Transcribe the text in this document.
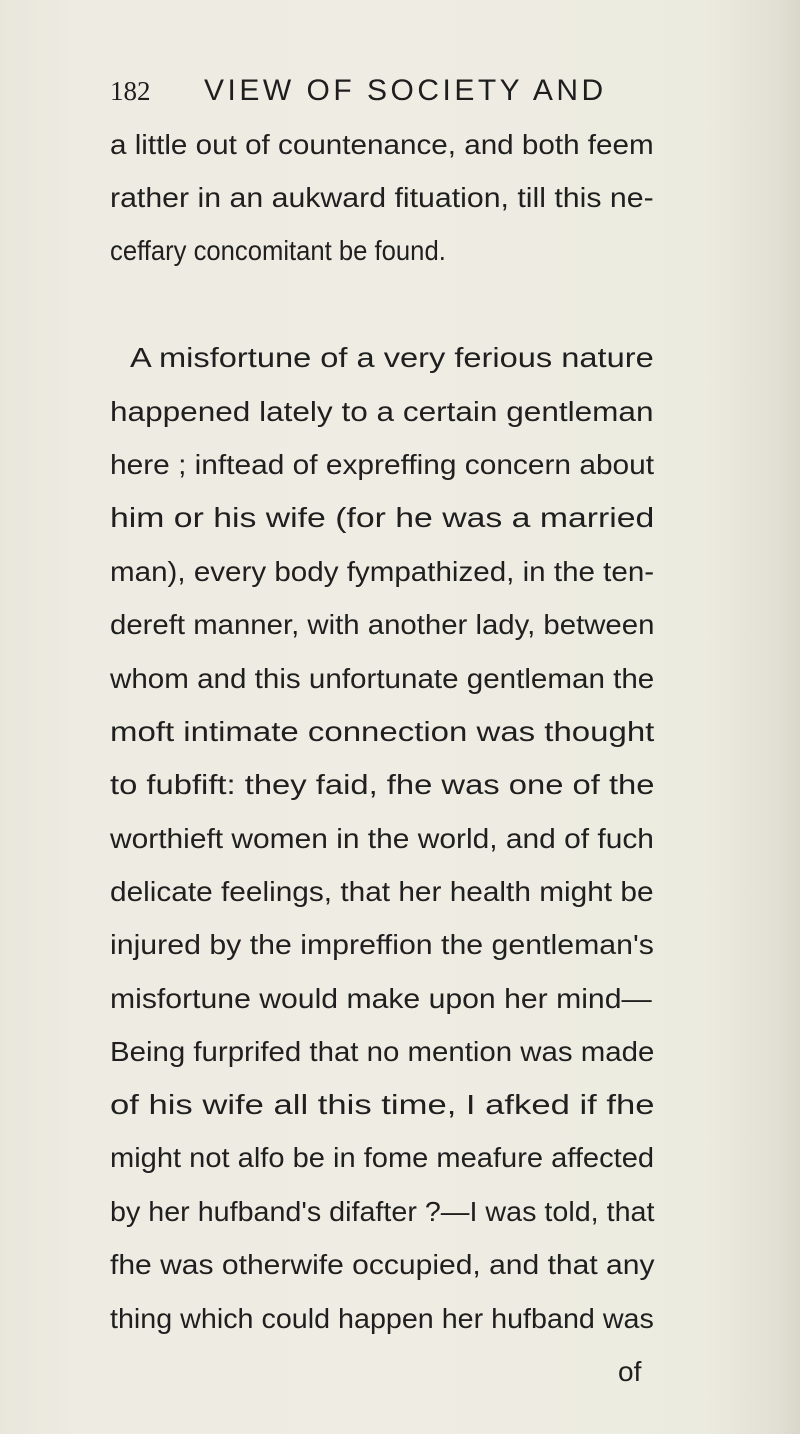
182 VIEW OF SOCIETY AND
a little out of countenance, and both feem
rather in an aukward fituation, till this ne-
ceffary concomitant be found.
A misfortune of a very ferious nature
happened lately to a certain gentleman
here ; inftead of expreffing concern about
him or his wife (for he was a married
man), every body fympathized, in the ten-
dereft manner, with another lady, between
whom and this unfortunate gentleman the
moft intimate connection was thought
to fubfift: they faid, fhe was one of the
worthieft women in the world, and of fuch
delicate feelings, that her health might be
injured by the impreffion the gentleman's
misfortune would make upon her mind—
Being furprifed that no mention was made
of his wife all this time, I afked if fhe
might not alfo be in fome meafure affected
by her hufband's difafter ?—I was told, that
fhe was otherwife occupied, and that any
thing which could happen her hufband was
of
